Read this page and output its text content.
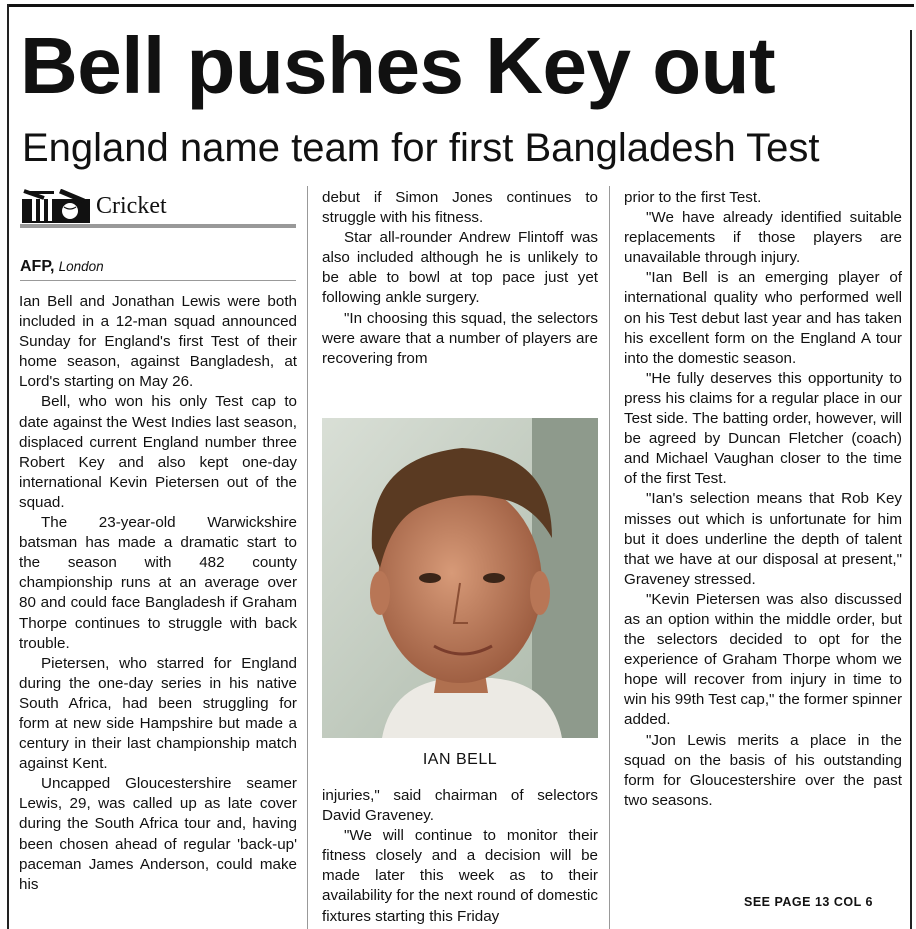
Bell pushes Key out
England name team for first Bangladesh Test
Cricket
AFP, London

Ian Bell and Jonathan Lewis were both included in a 12-man squad announced Sunday for England's first Test of their home season, against Bangladesh, at Lord's starting on May 26.

Bell, who won his only Test cap to date against the West Indies last season, displaced current England number three Robert Key and also kept one-day international Kevin Pietersen out of the squad.

The 23-year-old Warwickshire batsman has made a dramatic start to the season with 482 county championship runs at an average over 80 and could face Bangladesh if Graham Thorpe continues to struggle with back trouble.

Pietersen, who starred for England during the one-day series in his native South Africa, had been struggling for form at new side Hampshire but made a century in their last championship match against Kent.

Uncapped Gloucestershire seamer Lewis, 29, was called up as late cover during the South Africa tour and, having been chosen ahead of regular 'back-up' paceman James Anderson, could make his

debut if Simon Jones continues to struggle with his fitness.

Star all-rounder Andrew Flintoff was also included although he is unlikely to be able to bowl at top pace just yet following ankle surgery.

"In choosing this squad, the selectors were aware that a number of players are recovering from

IAN BELL

injuries," said chairman of selectors David Graveney.

"We will continue to monitor their fitness closely and a decision will be made later this week as to their availability for the next round of domestic fixtures starting this Friday

prior to the first Test.

"We have already identified suitable replacements if those players are unavailable through injury.

"Ian Bell is an emerging player of international quality who performed well on his Test debut last year and has taken his excellent form on the England A tour into the domestic season.

"He fully deserves this opportunity to press his claims for a regular place in our Test side. The batting order, however, will be agreed by Duncan Fletcher (coach) and Michael Vaughan closer to the time of the first Test.

"Ian's selection means that Rob Key misses out which is unfortunate for him but it does underline the depth of talent that we have at our disposal at present," Graveney stressed.

"Kevin Pietersen was also discussed as an option within the middle order, but the selectors decided to opt for the experience of Graham Thorpe whom we hope will recover from injury in time to win his 99th Test cap," the former spinner added.

"Jon Lewis merits a place in the squad on the basis of his outstanding form for Gloucestershire over the past two seasons.

SEE PAGE 13 COL 6
